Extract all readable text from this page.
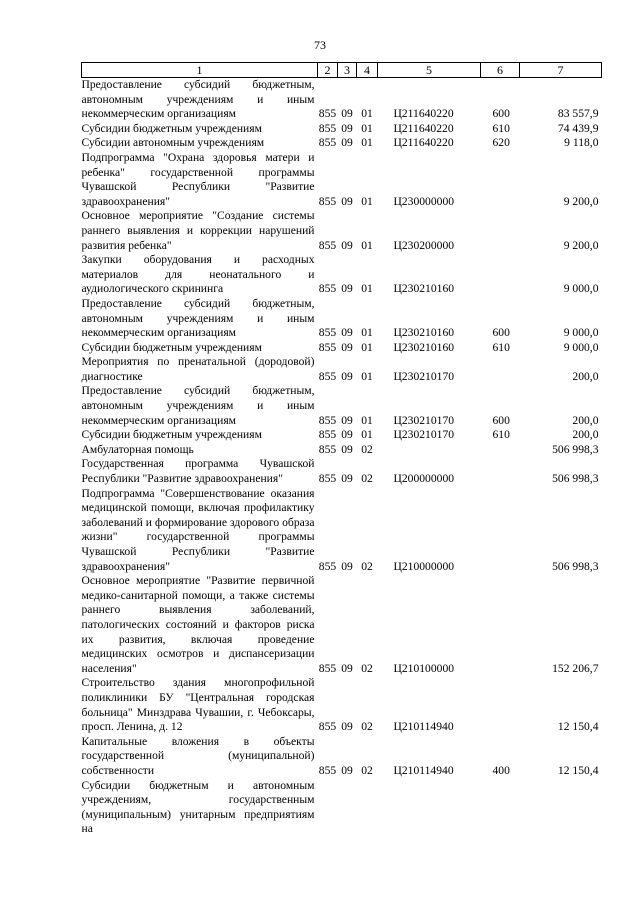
73
1	2	3	4	5	6	7
Предоставление субсидий бюджетным, автономным учреждениям и иным некоммерческим организациям	855	09	01	Ц211640220	600	83 557,9
Субсидии бюджетным учреждениям	855	09	01	Ц211640220	610	74 439,9
Субсидии автономным учреждениям	855	09	01	Ц211640220	620	9 118,0
Подпрограмма "Охрана здоровья матери и ребенка" государственной программы Чувашской Республики "Развитие здравоохранения"	855	09	01	Ц230000000		9 200,0
Основное мероприятие "Создание системы раннего выявления и коррекции нарушений развития ребенка"	855	09	01	Ц230200000		9 200,0
Закупки оборудования и расходных материалов для неонатального и аудиологического скрининга	855	09	01	Ц230210160		9 000,0
Предоставление субсидий бюджетным, автономным учреждениям и иным некоммерческим организациям	855	09	01	Ц230210160	600	9 000,0
Субсидии бюджетным учреждениям	855	09	01	Ц230210160	610	9 000,0
Мероприятия по пренатальной (дородовой) диагностике	855	09	01	Ц230210170		200,0
Предоставление субсидий бюджетным, автономным учреждениям и иным некоммерческим организациям	855	09	01	Ц230210170	600	200,0
Субсидии бюджетным учреждениям	855	09	01	Ц230210170	610	200,0
Амбулаторная помощь	855	09	02			506 998,3
Государственная программа Чувашской Республики "Развитие здравоохранения"	855	09	02	Ц200000000		506 998,3
Подпрограмма "Совершенствование оказания медицинской помощи, включая профилактику заболеваний и формирование здорового образа жизни" государственной программы Чувашской Республики "Развитие здравоохранения"	855	09	02	Ц210000000		506 998,3
Основное мероприятие "Развитие первичной медико-санитарной помощи, а также системы раннего выявления заболеваний, патологических состояний и факторов риска их развития, включая проведение медицинских осмотров и диспансеризации населения"	855	09	02	Ц210100000		152 206,7
Строительство здания многопрофильной поликлиники БУ "Центральная городская больница" Минздрава Чувашии, г. Чебоксары, просп. Ленина, д. 12	855	09	02	Ц210114940		12 150,4
Капитальные вложения в объекты государственной (муниципальной) собственности	855	09	02	Ц210114940	400	12 150,4
Субсидии бюджетным и автономным учреждениям, государственным (муниципальным) унитарным предприятиям на						
